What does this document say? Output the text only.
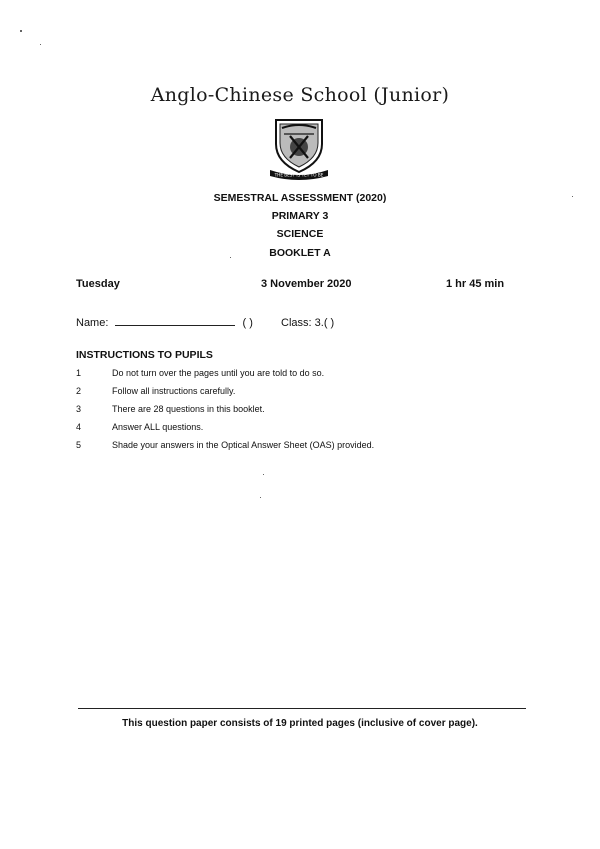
Anglo-Chinese School (Junior)
THE BEST IS YET TO BE
SEMESTRAL ASSESSMENT (2020)
PRIMARY 3
SCIENCE
BOOKLET A
Tuesday	3 November 2020	1 hr 45 min
Name:	( )	Class: 3.( )
INSTRUCTIONS TO PUPILS
1	Do not turn over the pages until you are told to do so.
2	Follow all instructions carefully.
3	There are 28 questions in this booklet.
4	Answer ALL questions.
5	Shade your answers in the Optical Answer Sheet (OAS) provided.
This question paper consists of 19 printed pages (inclusive of cover page).
